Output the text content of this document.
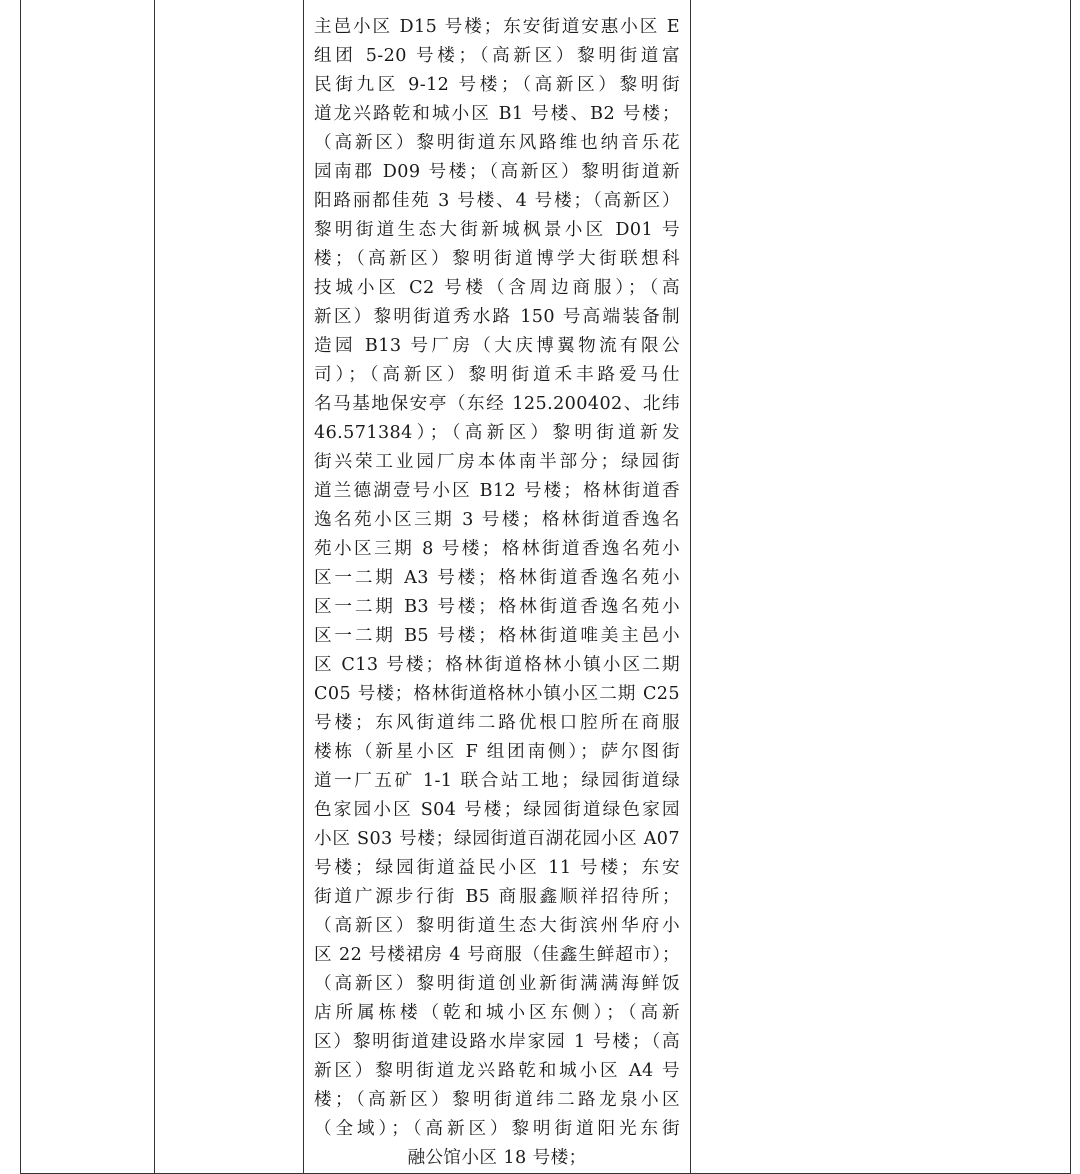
主邑小区 D15 号楼；东安街道安惠小区 E
组团 5-20 号楼；（高新区）黎明街道富
民街九区 9-12 号楼；（高新区）黎明街
道龙兴路乾和城小区 B1 号楼、B2 号楼；
（高新区）黎明街道东风路维也纳音乐花
园南郡 D09 号楼；（高新区）黎明街道新
阳路丽都佳苑 3 号楼、4 号楼；（高新区）
黎明街道生态大街新城枫景小区 D01 号
楼；（高新区）黎明街道博学大街联想科
技城小区 C2 号楼（含周边商服）；（高
新区）黎明街道秀水路 150 号高端装备制
造园 B13 号厂房（大庆博翼物流有限公
司）；（高新区）黎明街道禾丰路爱马仕
名马基地保安亭（东经 125.200402、北纬
46.571384）；（高新区）黎明街道新发
街兴荣工业园厂房本体南半部分；绿园街
道兰德湖壹号小区 B12 号楼；格林街道香
逸名苑小区三期 3 号楼；格林街道香逸名
苑小区三期 8 号楼；格林街道香逸名苑小
区一二期 A3 号楼；格林街道香逸名苑小
区一二期 B3 号楼；格林街道香逸名苑小
区一二期 B5 号楼；格林街道唯美主邑小
区 C13 号楼；格林街道格林小镇小区二期
C05 号楼；格林街道格林小镇小区二期 C25
号楼；东风街道纬二路优根口腔所在商服
楼栋（新星小区 F 组团南侧）；萨尔图街
道一厂五矿 1-1 联合站工地；绿园街道绿
色家园小区 S04 号楼；绿园街道绿色家园
小区 S03 号楼；绿园街道百湖花园小区 A07
号楼；绿园街道益民小区 11 号楼；东安
街道广源步行街 B5 商服鑫顺祥招待所；
（高新区）黎明街道生态大街滨州华府小
区 22 号楼裙房 4 号商服（佳鑫生鲜超市）；
（高新区）黎明街道创业新街满满海鲜饭
店所属栋楼（乾和城小区东侧）；（高新
区）黎明街道建设路水岸家园 1 号楼；（高
新区）黎明街道龙兴路乾和城小区 A4 号
楼；（高新区）黎明街道纬二路龙泉小区
（全域）；（高新区）黎明街道阳光东街
融公馆小区 18 号楼；
